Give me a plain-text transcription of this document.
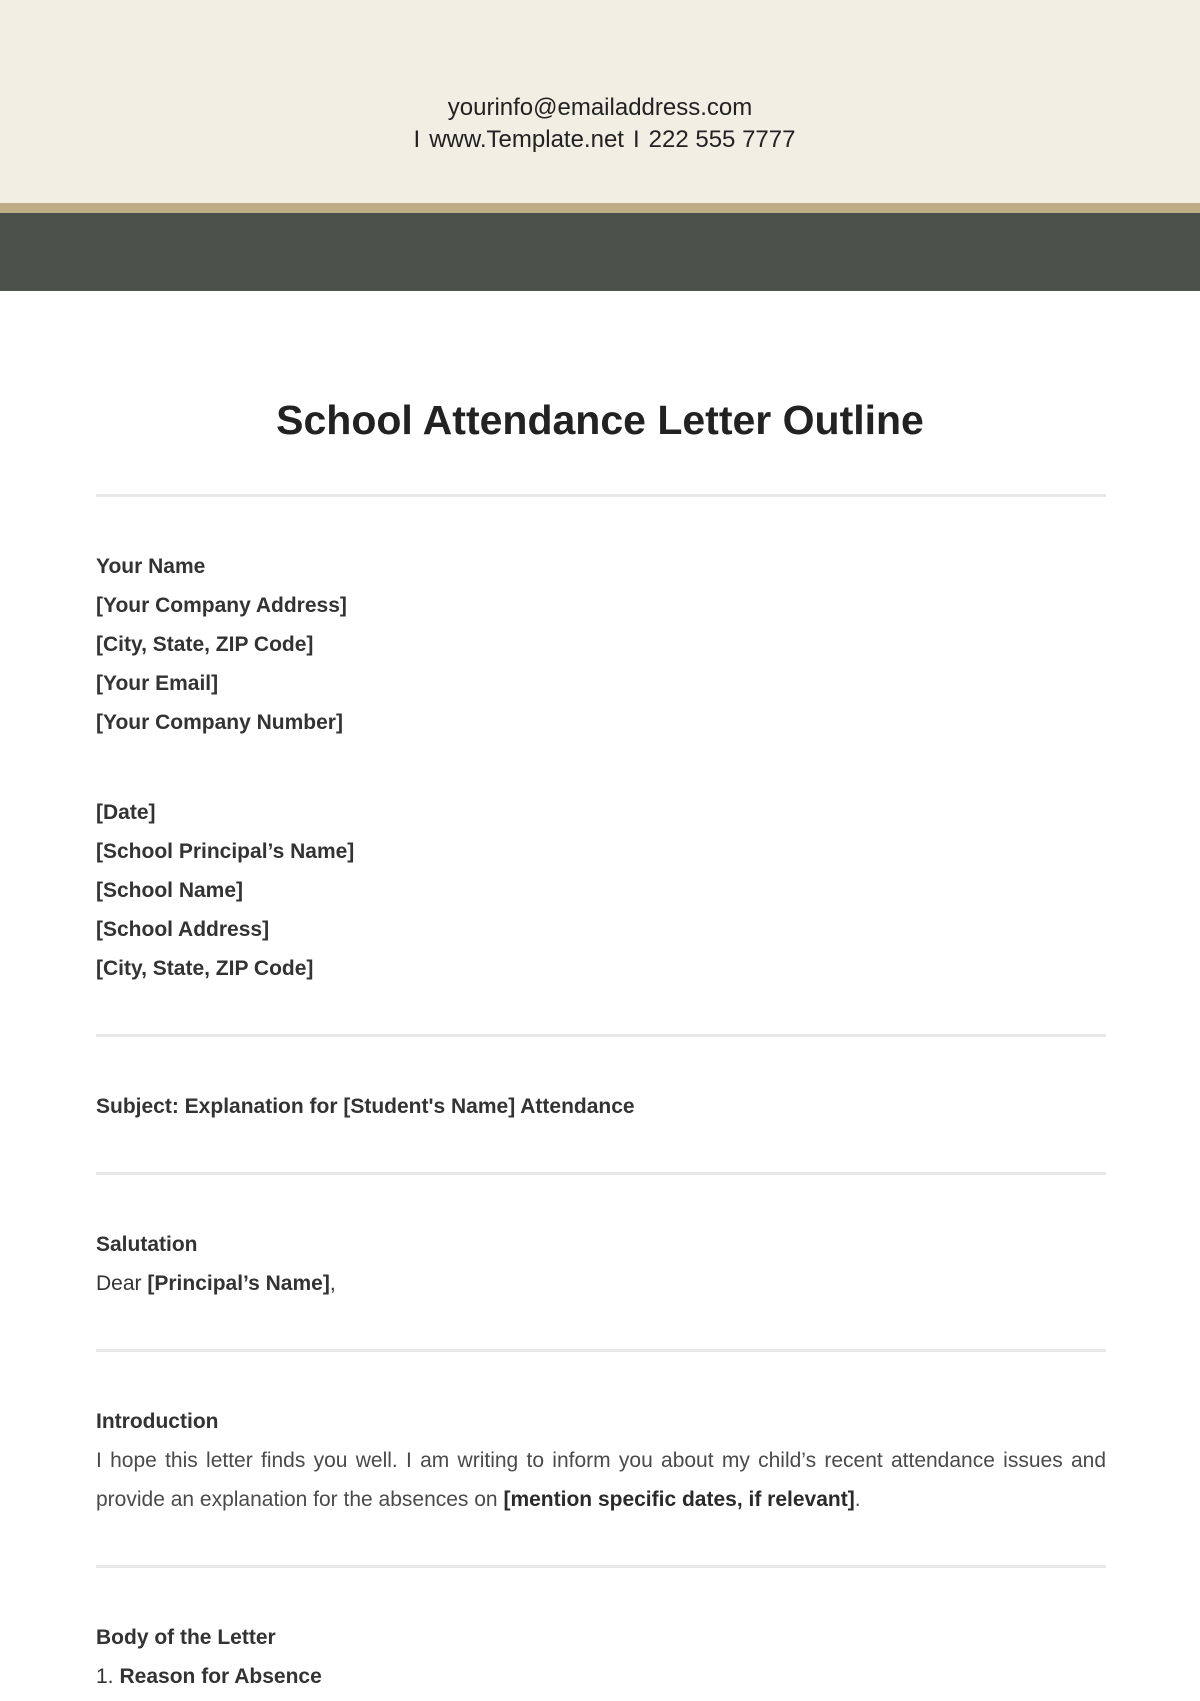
yourinfo@emailaddress.com
I www.Template.net I 222 555 7777
School Attendance Letter Outline
Your Name
[Your Company Address]
[City, State, ZIP Code]
[Your Email]
[Your Company Number]
[Date]
[School Principal’s Name]
[School Name]
[School Address]
[City, State, ZIP Code]
Subject: Explanation for [Student's Name] Attendance
Salutation
Dear [Principal’s Name],
Introduction
I hope this letter finds you well. I am writing to inform you about my child’s recent attendance issues and provide an explanation for the absences on [mention specific dates, if relevant].
Body of the Letter
1. Reason for Absence
